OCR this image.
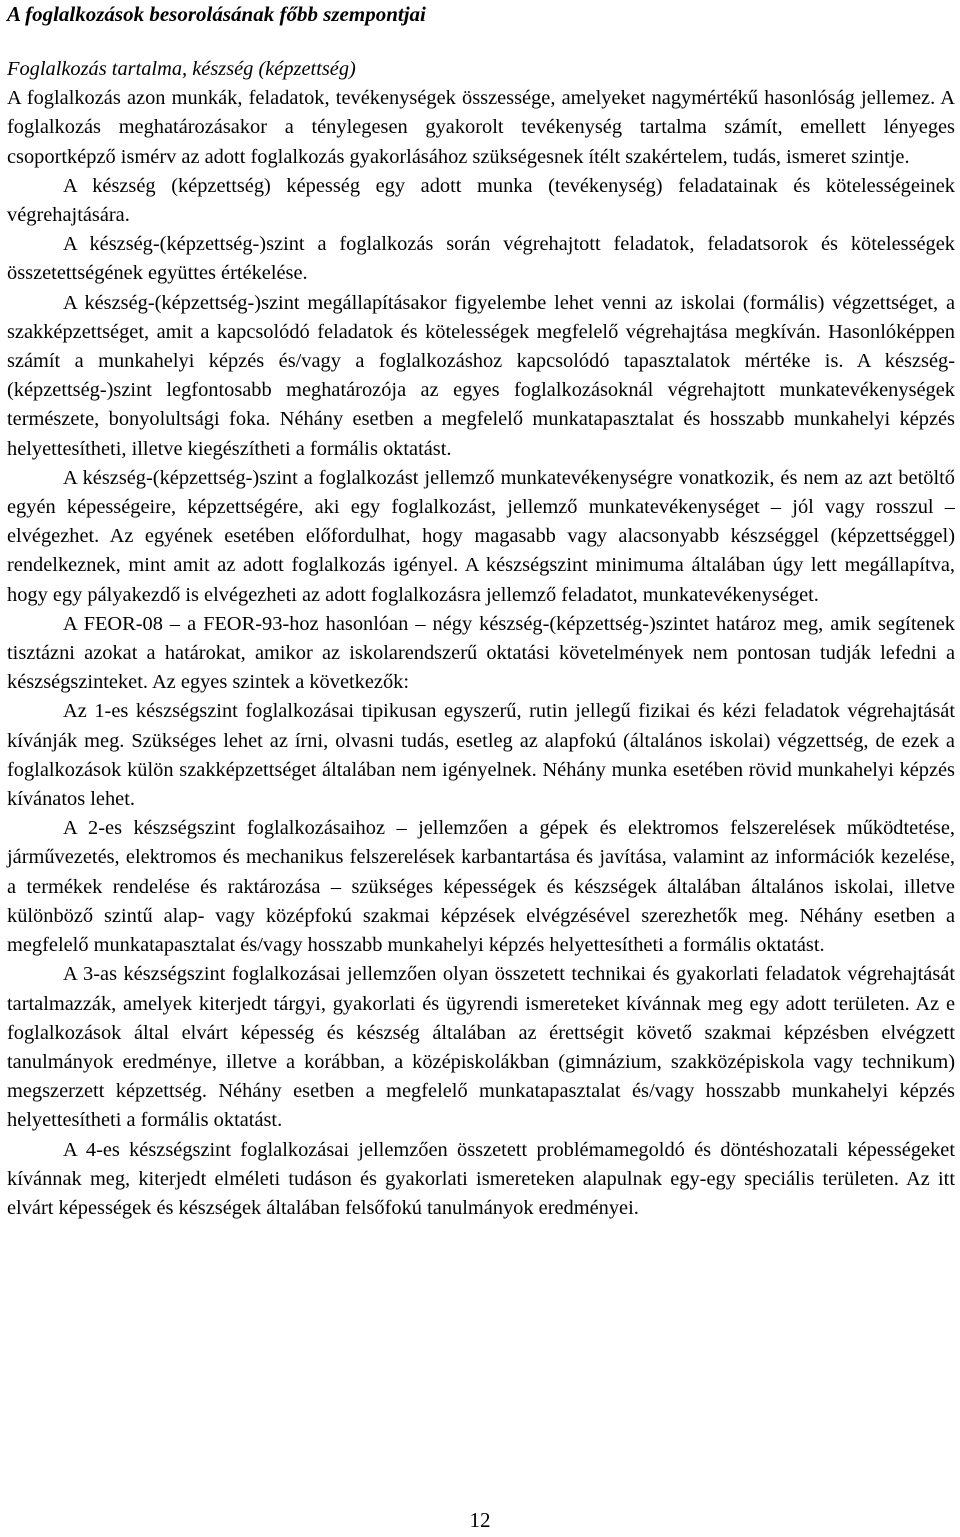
A foglalkozások besorolásának főbb szempontjai
Foglalkozás tartalma, készség (képzettség)

A foglalkozás azon munkák, feladatok, tevékenységek összessége, amelyeket nagymértékű hasonlóság jellemez. A foglalkozás meghatározásakor a ténylegesen gyakorolt tevékenység tartalma számít, emellett lényeges csoportképző ismérv az adott foglalkozás gyakorlásához szükségesnek ítélt szakértelem, tudás, ismeret szintje.

A készség (képzettség) képesség egy adott munka (tevékenység) feladatainak és kötelességeinek végrehajtására.

A készség-(képzettség-)szint a foglalkozás során végrehajtott feladatok, feladatsorok és kötelességek összetettségének együttes értékelése.

A készség-(képzettség-)szint megállapításakor figyelembe lehet venni az iskolai (formális) végzettséget, a szakképzettséget, amit a kapcsolódó feladatok és kötelességek megfelelő végrehajtása megkíván. Hasonlóképpen számít a munkahelyi képzés és/vagy a foglalkozáshoz kapcsolódó tapasztalatok mértéke is. A készség-(képzettség-)szint legfontosabb meghatározója az egyes foglalkozásoknál végrehajtott munkatevékenységek természete, bonyolultsági foka. Néhány esetben a megfelelő munkatapasztalat és hosszabb munkahelyi képzés helyettesítheti, illetve kiegészítheti a formális oktatást.

A készség-(képzettség-)szint a foglalkozást jellemző munkatevékenységre vonatkozik, és nem az azt betöltő egyén képességeire, képzettségére, aki egy foglalkozást, jellemző munkatevékenységet – jól vagy rosszul – elvégezhet. Az egyének esetében előfordulhat, hogy magasabb vagy alacsonyabb készséggel (képzettséggel) rendelkeznek, mint amit az adott foglalkozás igényel. A készségszint minimuma általában úgy lett megállapítva, hogy egy pályakezdő is elvégezheti az adott foglalkozásra jellemző feladatot, munkatevékenységet.

A FEOR-08 – a FEOR-93-hoz hasonlóan – négy készség-(képzettség-)szintet határoz meg, amik segítenek tisztázni azokat a határokat, amikor az iskolarendszerű oktatási követelmények nem pontosan tudják lefedni a készségszinteket. Az egyes szintek a következők:

Az 1-es készségszint foglalkozásai tipikusan egyszerű, rutin jellegű fizikai és kézi feladatok végrehajtását kívánják meg. Szükséges lehet az írni, olvasni tudás, esetleg az alapfokú (általános iskolai) végzettség, de ezek a foglalkozások külön szakképzettséget általában nem igényelnek. Néhány munka esetében rövid munkahelyi képzés kívánatos lehet.

A 2-es készségszint foglalkozásaihoz – jellemzően a gépek és elektromos felszerelések működtetése, járművezetés, elektromos és mechanikus felszerelések karbantartása és javítása, valamint az információk kezelése, a termékek rendelése és raktározása – szükséges képességek és készségek általában általános iskolai, illetve különböző szintű alap- vagy középfokú szakmai képzések elvégzésével szerezhetők meg. Néhány esetben a megfelelő munkatapasztalat és/vagy hosszabb munkahelyi képzés helyettesítheti a formális oktatást.

A 3-as készségszint foglalkozásai jellemzően olyan összetett technikai és gyakorlati feladatok végrehajtását tartalmazzák, amelyek kiterjedt tárgyi, gyakorlati és ügyrendi ismereteket kívánnak meg egy adott területen. Az e foglalkozások által elvárt képesség és készség általában az érettségit követő szakmai képzésben elvégzett tanulmányok eredménye, illetve a korábban, a középiskolákban (gimnázium, szakközépiskola vagy technikum) megszerzett képzettség. Néhány esetben a megfelelő munkatapasztalat és/vagy hosszabb munkahelyi képzés helyettesítheti a formális oktatást.

A 4-es készségszint foglalkozásai jellemzően összetett problémamegoldó és döntéshozatali képességeket kívánnak meg, kiterjedt elméleti tudáson és gyakorlati ismereteken alapulnak egy-egy speciális területen. Az itt elvárt képességek és készségek általában felsőfokú tanulmányok eredményei.

12
